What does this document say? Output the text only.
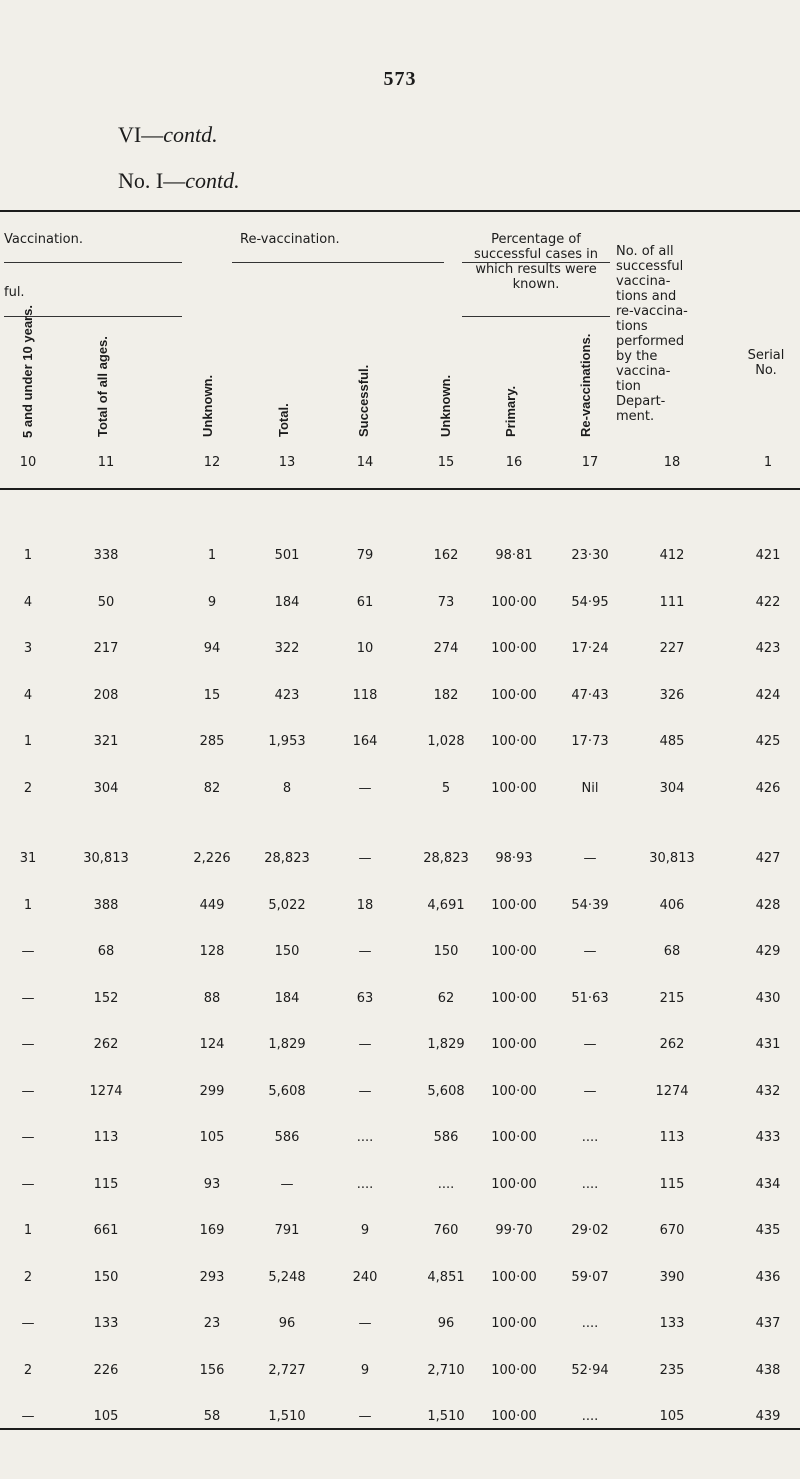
573
VI—contd.
No. I—contd.
Vaccination.	Re-vaccination.	Percentage of
successful cases in
which results were
known.
No. of all
successful
vaccina-
tions and
re-vaccina-
tions
performed
by the
vaccina-
tion
Depart-
ment.
Serial
No.
ful.
5 and under 10 years.	Total of all ages.	Unknown.	Total.	Successful.	Unknown.	Primary.	Re-vaccinations.
10	11	12	13	14	15	16	17	18	1
1	338	1	501	79	162	98·81	23·30	412	421
4	50	9	184	61	73	100·00	54·95	111	422
3	217	94	322	10	274	100·00	17·24	227	423
4	208	15	423	118	182	100·00	47·43	326	424
1	321	285	1,953	164	1,028	100·00	17·73	485	425
2	304	82	8	—	5	100·00	Nil	304	426
31	30,813	2,226	28,823	—	28,823	98·93	—	30,813	427
1	388	449	5,022	18	4,691	100·00	54·39	406	428
—	68	128	150	—	150	100·00	—	68	429
—	152	88	184	63	62	100·00	51·63	215	430
—	262	124	1,829	—	1,829	100·00	—	262	431
—	1274	299	5,608	—	5,608	100·00	—	1274	432
—	113	105	586	....	586	100·00	....	113	433
—	115	93	—	....	....	100·00	....	115	434
1	661	169	791	9	760	99·70	29·02	670	435
2	150	293	5,248	240	4,851	100·00	59·07	390	436
—	133	23	96	—	96	100·00	....	133	437
2	226	156	2,727	9	2,710	100·00	52·94	235	438
—	105	58	1,510	—	1,510	100·00	....	105	439
